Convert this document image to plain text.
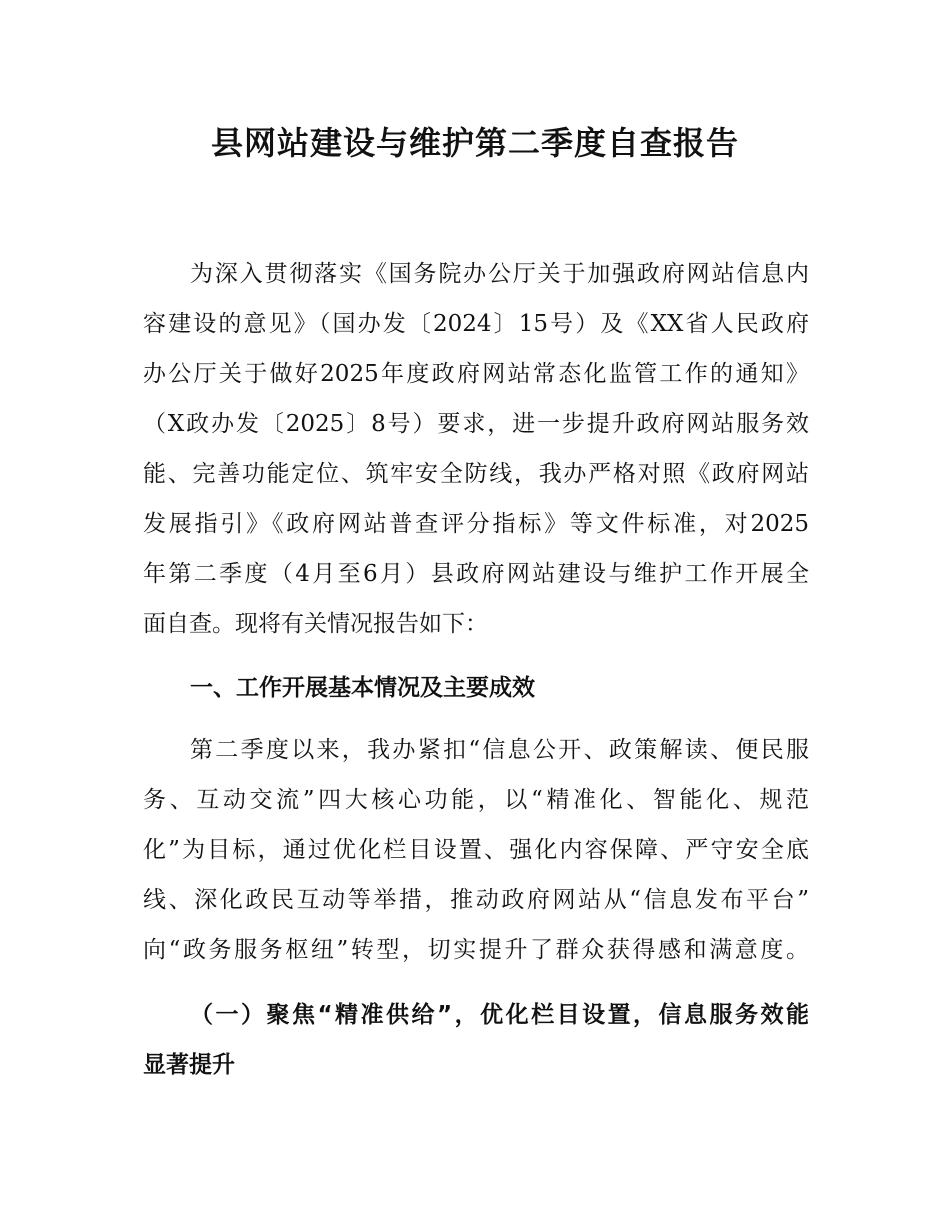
县网站建设与维护第二季度自查报告
为深入贯彻落实《国务院办公厅关于加强政府网站信息内
容建设的意见》（国办发〔2024〕15号）及《XX省人民政府
办公厅关于做好2025年度政府网站常态化监管工作的通知》
（X政办发〔2025〕8号）要求，进一步提升政府网站服务效
能、完善功能定位、筑牢安全防线，我办严格对照《政府网站
发展指引》《政府网站普查评分指标》等文件标准，对2025
年第二季度（4月至6月）县政府网站建设与维护工作开展全
面自查。现将有关情况报告如下：
一、工作开展基本情况及主要成效
第二季度以来，我办紧扣“信息公开、政策解读、便民服
务、互动交流”四大核心功能，以“精准化、智能化、规范
化”为目标，通过优化栏目设置、强化内容保障、严守安全底
线、深化政民互动等举措，推动政府网站从“信息发布平台”
向“政务服务枢纽”转型，切实提升了群众获得感和满意度。
（一）聚焦“精准供给”，优化栏目设置，信息服务效能
显著提升
